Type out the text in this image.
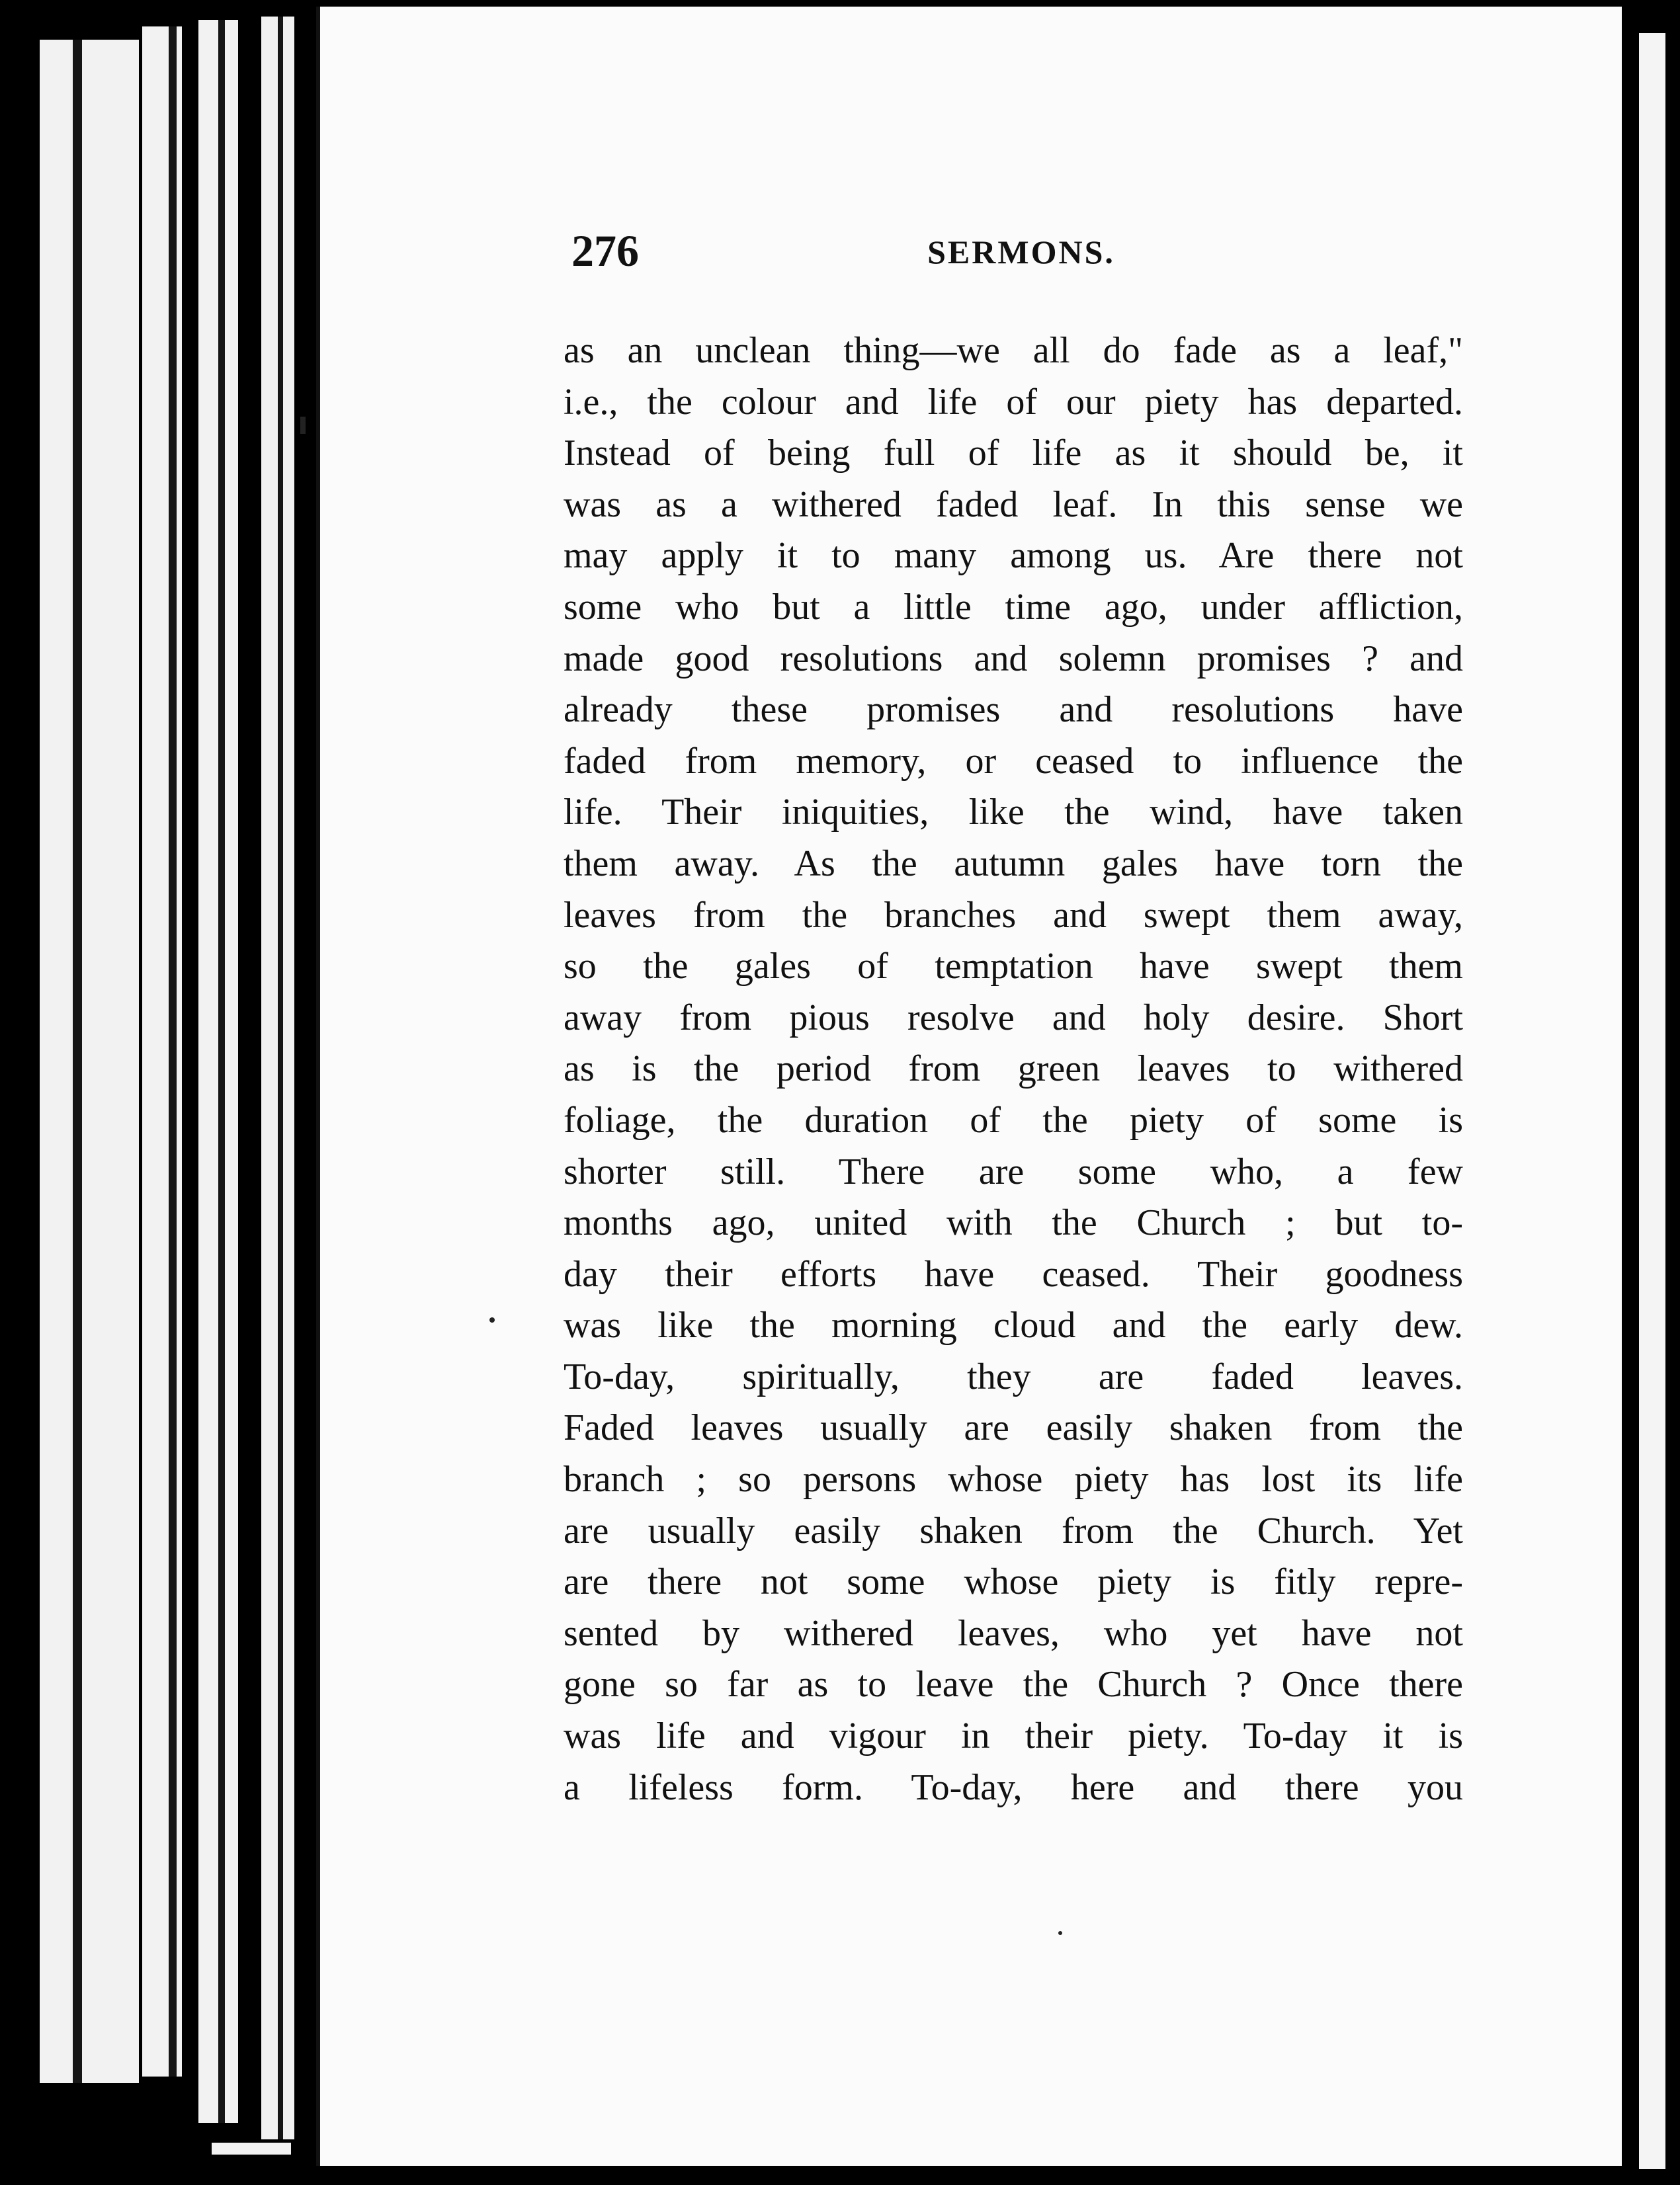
276	SERMONS.
as an unclean thing—we all do fade as a leaf,"
i.e., the colour and life of our piety has departed.
Instead of being full of life as it should be, it
was as a withered faded leaf. In this sense we
may apply it to many among us. Are there not
some who but a little time ago, under affliction,
made good resolutions and solemn promises ? and
already these promises and resolutions have
faded from memory, or ceased to influence the
life. Their iniquities, like the wind, have taken
them away. As the autumn gales have torn the
leaves from the branches and swept them away,
so the gales of temptation have swept them
away from pious resolve and holy desire. Short
as is the period from green leaves to withered
foliage, the duration of the piety of some is
shorter still. There are some who, a few
months ago, united with the Church ; but to-
day their efforts have ceased. Their goodness
was like the morning cloud and the early dew.
To-day, spiritually, they are faded leaves.
Faded leaves usually are easily shaken from the
branch ; so persons whose piety has lost its life
are usually easily shaken from the Church. Yet
are there not some whose piety is fitly repre-
sented by withered leaves, who yet have not
gone so far as to leave the Church ? Once there
was life and vigour in their piety. To-day it is
a lifeless form. To-day, here and there you
